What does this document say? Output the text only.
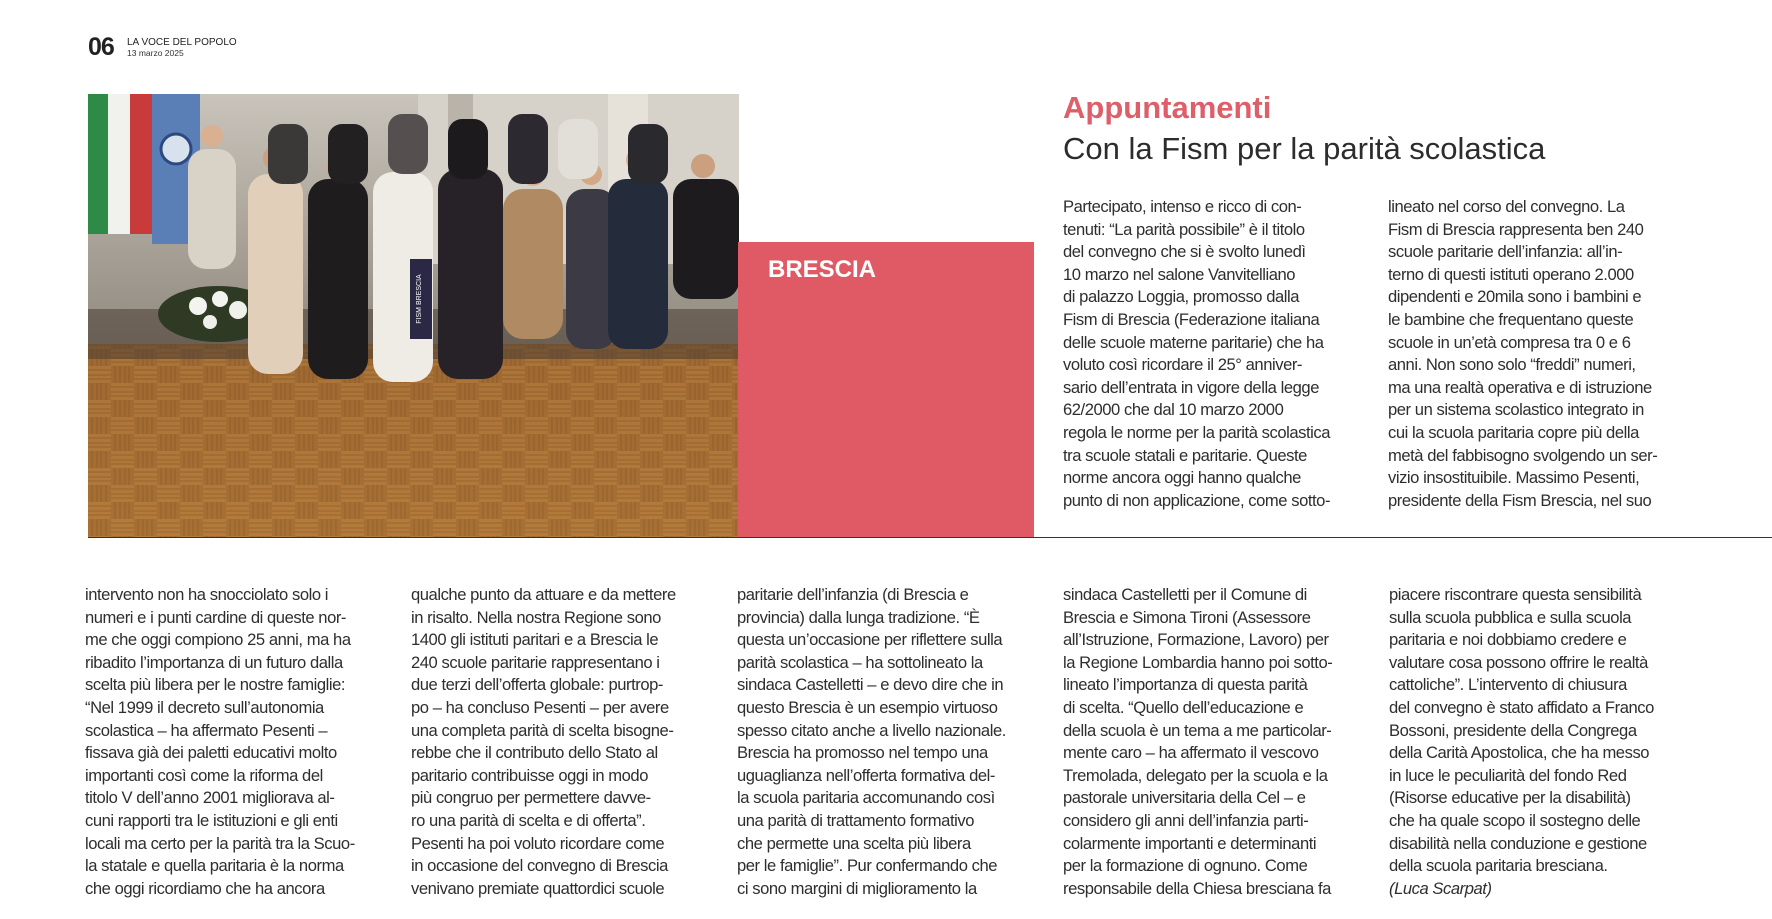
06 LA VOCE DEL POPOLO
13 marzo 2025
FISM BRESCIA
BRESCIA
Appuntamenti
Con la Fism per la parità scolastica
Partecipato, intenso e ricco di con-
tenuti: “La parità possibile” è il titolo
del convegno che si è svolto lunedì
10 marzo nel salone Vanvitelliano
di palazzo Loggia, promosso dalla
Fism di Brescia (Federazione italiana
delle scuole materne paritarie) che ha
voluto così ricordare il 25° anniver-
sario dell’entrata in vigore della legge
62/2000 che dal 10 marzo 2000
regola le norme per la parità scolastica
tra scuole statali e paritarie. Queste
norme ancora oggi hanno qualche
punto di non applicazione, come sotto-
lineato nel corso del convegno. La
Fism di Brescia rappresenta ben 240
scuole paritarie dell’infanzia: all’in-
terno di questi istituti operano 2.000
dipendenti e 20mila sono i bambini e
le bambine che frequentano queste
scuole in un’età compresa tra 0 e 6
anni. Non sono solo “freddi” numeri,
ma una realtà operativa e di istruzione
per un sistema scolastico integrato in
cui la scuola paritaria copre più della
metà del fabbisogno svolgendo un ser-
vizio insostituibile. Massimo Pesenti,
presidente della Fism Brescia, nel suo
intervento non ha snocciolato solo i
numeri e i punti cardine di queste nor-
me che oggi compiono 25 anni, ma ha
ribadito l’importanza di un futuro dalla
scelta più libera per le nostre famiglie:
“Nel 1999 il decreto sull’autonomia
scolastica – ha affermato Pesenti –
fissava già dei paletti educativi molto
importanti così come la riforma del
titolo V dell’anno 2001 migliorava al-
cuni rapporti tra le istituzioni e gli enti
locali ma certo per la parità tra la Scuo-
la statale e quella paritaria è la norma
che oggi ricordiamo che ha ancora
qualche punto da attuare e da mettere
in risalto. Nella nostra Regione sono
1400 gli istituti paritari e a Brescia le
240 scuole paritarie rappresentano i
due terzi dell’offerta globale: purtrop-
po – ha concluso Pesenti – per avere
una completa parità di scelta bisogne-
rebbe che il contributo dello Stato al
paritario contribuisse oggi in modo
più congruo per permettere davve-
ro una parità di scelta e di offerta”.
Pesenti ha poi voluto ricordare come
in occasione del convegno di Brescia
venivano premiate quattordici scuole
paritarie dell’infanzia (di Brescia e
provincia) dalla lunga tradizione. “È
questa un’occasione per riflettere sulla
parità scolastica – ha sottolineato la
sindaca Castelletti – e devo dire che in
questo Brescia è un esempio virtuoso
spesso citato anche a livello nazionale.
Brescia ha promosso nel tempo una
uguaglianza nell’offerta formativa del-
la scuola paritaria accomunando così
una parità di trattamento formativo
che permette una scelta più libera
per le famiglie”. Pur confermando che
ci sono margini di miglioramento la
sindaca Castelletti per il Comune di
Brescia e Simona Tironi (Assessore
all’Istruzione, Formazione, Lavoro) per
la Regione Lombardia hanno poi sotto-
lineato l’importanza di questa parità
di scelta. “Quello dell’educazione e
della scuola è un tema a me particolar-
mente caro – ha affermato il vescovo
Tremolada, delegato per la scuola e la
pastorale universitaria della Cel – e
considero gli anni dell’infanzia parti-
colarmente importanti e determinanti
per la formazione di ognuno. Come
responsabile della Chiesa bresciana fa
piacere riscontrare questa sensibilità
sulla scuola pubblica e sulla scuola
paritaria e noi dobbiamo credere e
valutare cosa possono offrire le realtà
cattoliche”. L’intervento di chiusura
del convegno è stato affidato a Franco
Bossoni, presidente della Congrega
della Carità Apostolica, che ha messo
in luce le peculiarità del fondo Red
(Risorse educative per la disabilità)
che ha quale scopo il sostegno delle
disabilità nella conduzione e gestione
della scuola paritaria bresciana.
(Luca Scarpat)
